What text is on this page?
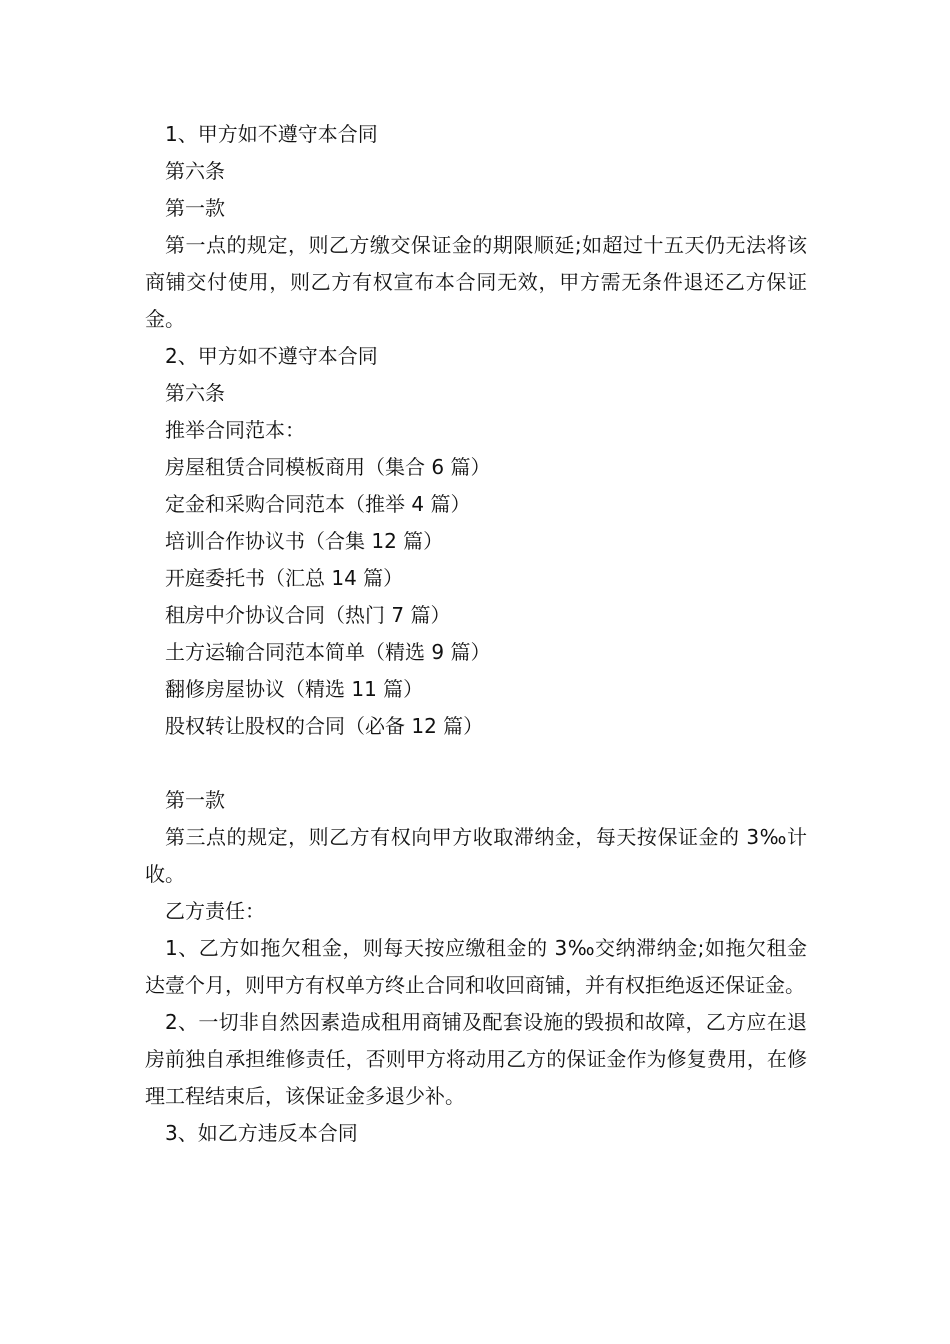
1、甲方如不遵守本合同

第六条

第一款

第一点的规定，则乙方缴交保证金的期限顺延;如超过十五天仍无法将该商铺交付使用，则乙方有权宣布本合同无效，甲方需无条件退还乙方保证金。

2、甲方如不遵守本合同

第六条

推举合同范本：

房屋租赁合同模板商用（集合 6 篇）

定金和采购合同范本（推举 4 篇）

培训合作协议书（合集 12 篇）

开庭委托书（汇总 14 篇）

租房中介协议合同（热门 7 篇）

土方运输合同范本简单（精选 9 篇）

翻修房屋协议（精选 11 篇）

股权转让股权的合同（必备 12 篇）

第一款

第三点的规定，则乙方有权向甲方收取滞纳金，每天按保证金的 3‰计收。

乙方责任：

1、乙方如拖欠租金，则每天按应缴租金的 3‰交纳滞纳金;如拖欠租金达壹个月，则甲方有权单方终止合同和收回商铺，并有权拒绝返还保证金。

2、一切非自然因素造成租用商铺及配套设施的毁损和故障，乙方应在退房前独自承担维修责任，否则甲方将动用乙方的保证金作为修复费用，在修理工程结束后，该保证金多退少补。

3、如乙方违反本合同
